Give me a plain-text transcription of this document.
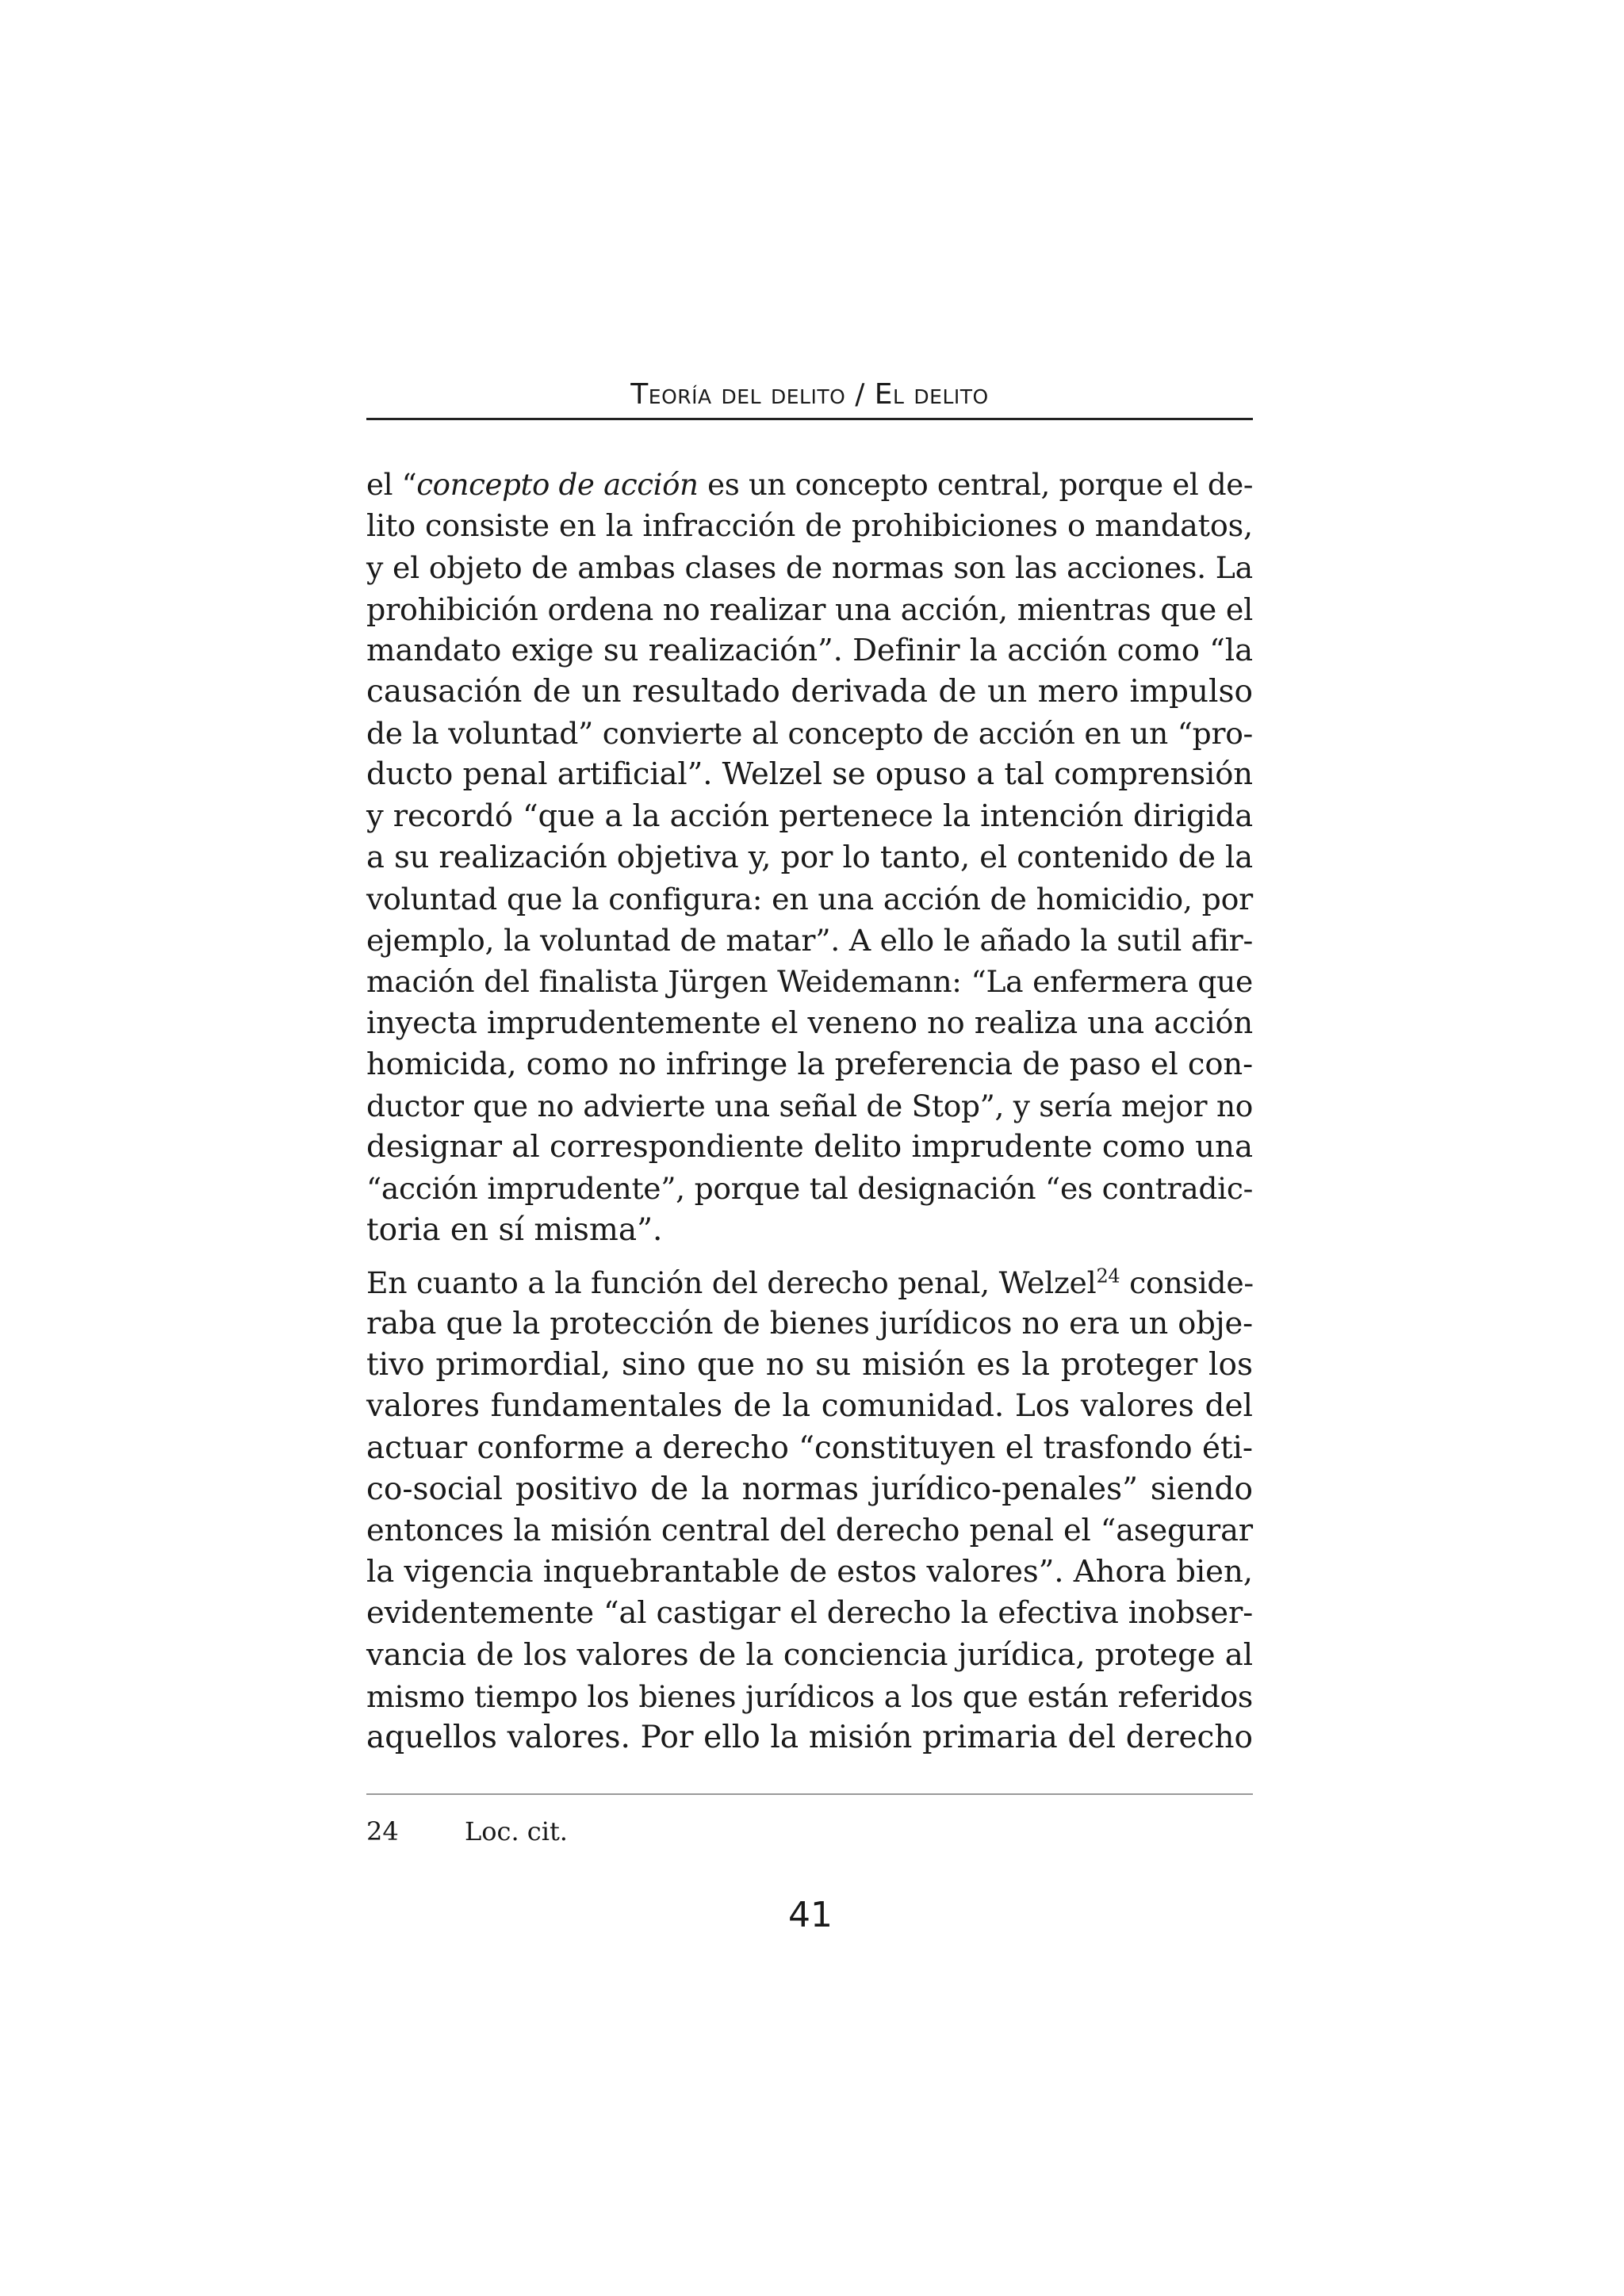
Teoría del delito / El delito

el “concepto de acción es un concepto central, porque el de-
lito consiste en la infracción de prohibiciones o mandatos,
y el objeto de ambas clases de normas son las acciones. La
prohibición ordena no realizar una acción, mientras que el
mandato exige su realización”. Definir la acción como “la
causación de un resultado derivada de un mero impulso
de la voluntad” convierte al concepto de acción en un “pro-
ducto penal artificial”. Welzel se opuso a tal comprensión
y recordó “que a la acción pertenece la intención dirigida
a su realización objetiva y, por lo tanto, el contenido de la
voluntad que la configura: en una acción de homicidio, por
ejemplo, la voluntad de matar”. A ello le añado la sutil afir-
mación del finalista Jürgen Weidemann: “La enfermera que
inyecta imprudentemente el veneno no realiza una acción
homicida, como no infringe la preferencia de paso el con-
ductor que no advierte una señal de Stop”, y sería mejor no
designar al correspondiente delito imprudente como una
“acción imprudente”, porque tal designación “es contradic-
toria en sí misma”.

En cuanto a la función del derecho penal, Welzel$^{24}$ conside-
raba que la protección de bienes jurídicos no era un obje-
tivo primordial, sino que no su misión es la proteger los
valores fundamentales de la comunidad. Los valores del
actuar conforme a derecho “constituyen el trasfondo éti-
co-social positivo de la normas jurídico-penales” siendo
entonces la misión central del derecho penal el “asegurar
la vigencia inquebrantable de estos valores”. Ahora bien,
evidentemente “al castigar el derecho la efectiva inobser-
vancia de los valores de la conciencia jurídica, protege al
mismo tiempo los bienes jurídicos a los que están referidos
aquellos valores. Por ello la misión primaria del derecho

24	Loc. cit.
41
